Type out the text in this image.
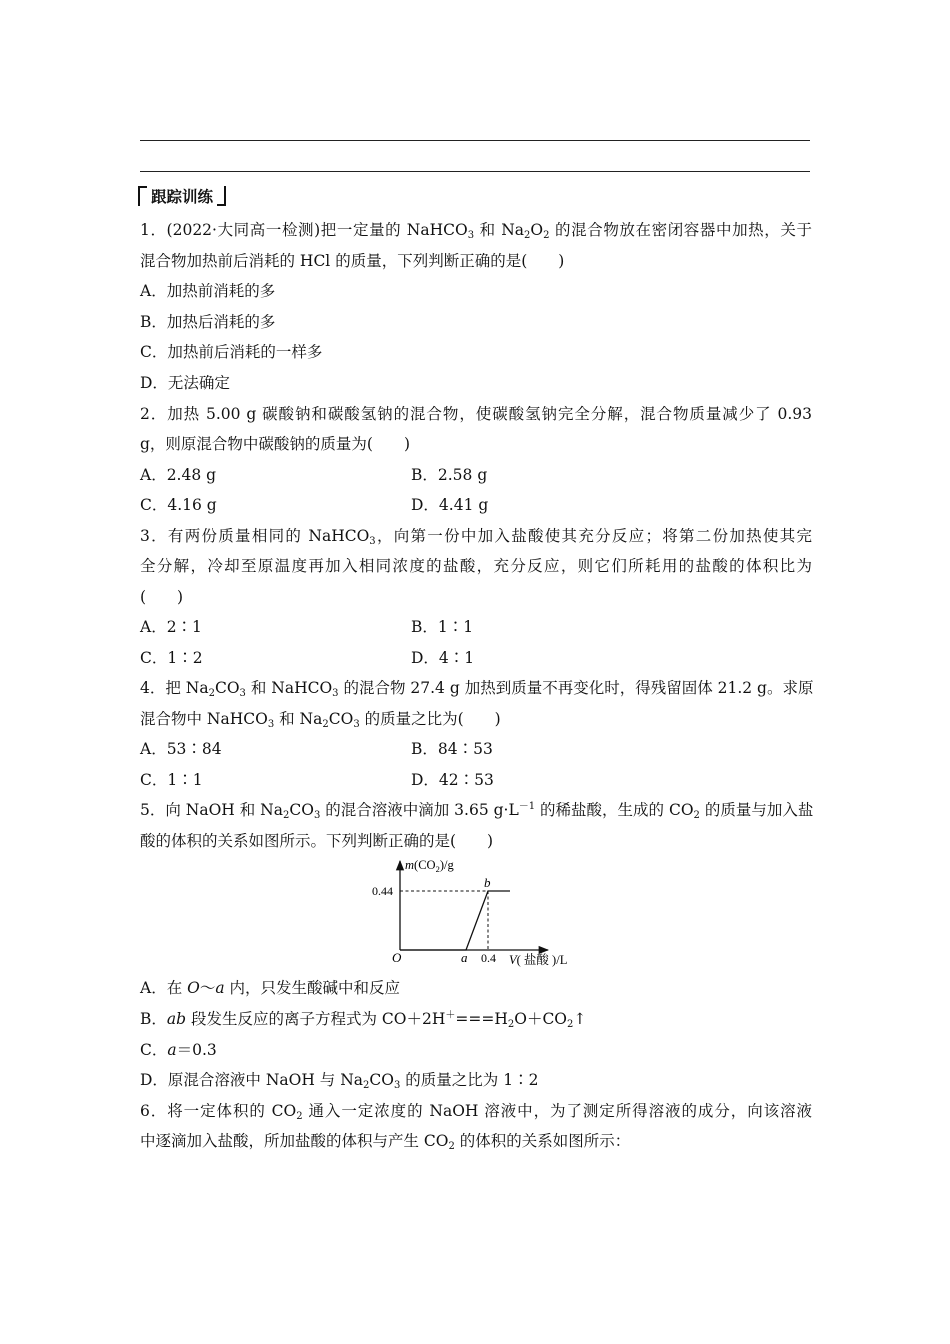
跟踪训练
1．(2022·大同高一检测)把一定量的 NaHCO$_3$ 和 $Na_2O_2$ 的混合物放在密闭容器中加热，关于
混合物加热前后消耗的 HCl 的质量，下列判断正确的是(　　)
A．加热前消耗的多
B．加热后消耗的多
C．加热前后消耗的一样多
D．无法确定
2．加热 5.00 g 碳酸钠和碳酸氢钠的混合物，使碳酸氢钠完全分解，混合物质量减少了 0.93
g，则原混合物中碳酸钠的质量为(　　)
A．2.48 g	B．2.58 g
C．4.16 g	D．4.41 g
3．有两份质量相同的 NaHCO$_3$，向第一份中加入盐酸使其充分反应；将第二份加热使其完
全分解，冷却至原温度再加入相同浓度的盐酸，充分反应，则它们所耗用的盐酸的体积比为
(　　)
A．2∶1	B．1∶1
C．1∶2	D．4∶1
4．把 $Na_2CO_3$ 和 NaHCO$_3$ 的混合物 27.4 g 加热到质量不再变化时，得残留固体 21.2 g。求原
混合物中 NaHCO$_3$ 和 $Na_2CO_3$ 的质量之比为(　　)
A．53∶84	B．84∶53
C．1∶1	D．42∶53
5．向 NaOH 和 $Na_2CO_3$ 的混合溶液中滴加 3.65 $g\cdot L^{-1}$ 的稀盐酸，生成的 $CO_2$ 的质量与加入盐
酸的体积的关系如图所示。下列判断正确的是(　　)
$m(CO_2)/g$
V( 盐酸 )/L
O
0.44
0.4
a
b
A．在 O～a 内，只发生酸碱中和反应
B．ab 段发生反应的离子方程式为 $CO+2H^+===H_2O+CO_2↑$
C．a＝0.3
D．原混合溶液中 NaOH 与 $Na_2CO_3$ 的质量之比为 1∶2
6．将一定体积的 $CO_2$ 通入一定浓度的 NaOH 溶液中，为了测定所得溶液的成分，向该溶液
中逐滴加入盐酸，所加盐酸的体积与产生 $CO_2$ 的体积的关系如图所示：
